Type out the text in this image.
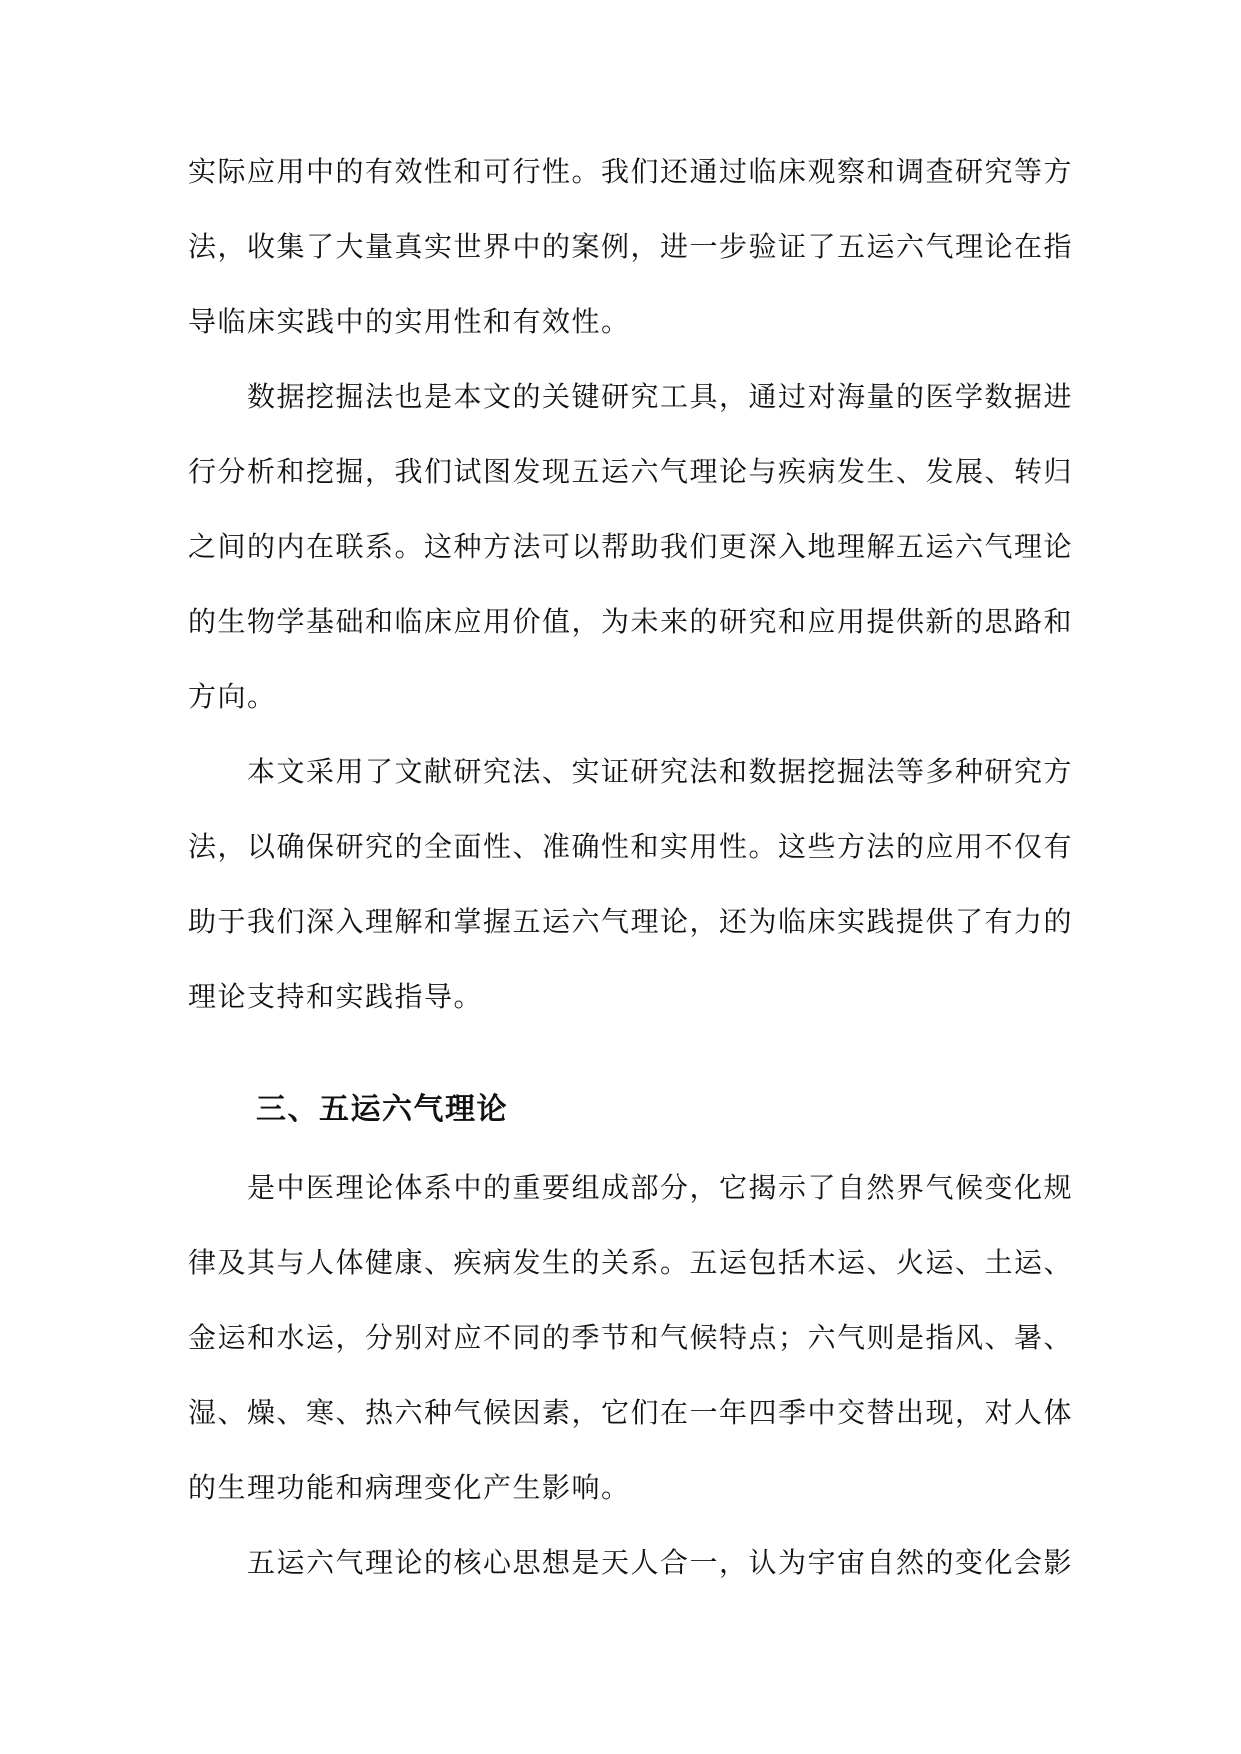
实际应用中的有效性和可行性。我们还通过临床观察和调查研究等方
法，收集了大量真实世界中的案例，进一步验证了五运六气理论在指
导临床实践中的实用性和有效性。
数据挖掘法也是本文的关键研究工具，通过对海量的医学数据进
行分析和挖掘，我们试图发现五运六气理论与疾病发生、发展、转归
之间的内在联系。这种方法可以帮助我们更深入地理解五运六气理论
的生物学基础和临床应用价值，为未来的研究和应用提供新的思路和
方向。
本文采用了文献研究法、实证研究法和数据挖掘法等多种研究方
法，以确保研究的全面性、准确性和实用性。这些方法的应用不仅有
助于我们深入理解和掌握五运六气理论，还为临床实践提供了有力的
理论支持和实践指导。
三、五运六气理论
是中医理论体系中的重要组成部分，它揭示了自然界气候变化规
律及其与人体健康、疾病发生的关系。五运包括木运、火运、土运、
金运和水运，分别对应不同的季节和气候特点；六气则是指风、暑、
湿、燥、寒、热六种气候因素，它们在一年四季中交替出现，对人体
的生理功能和病理变化产生影响。
五运六气理论的核心思想是天人合一，认为宇宙自然的变化会影
